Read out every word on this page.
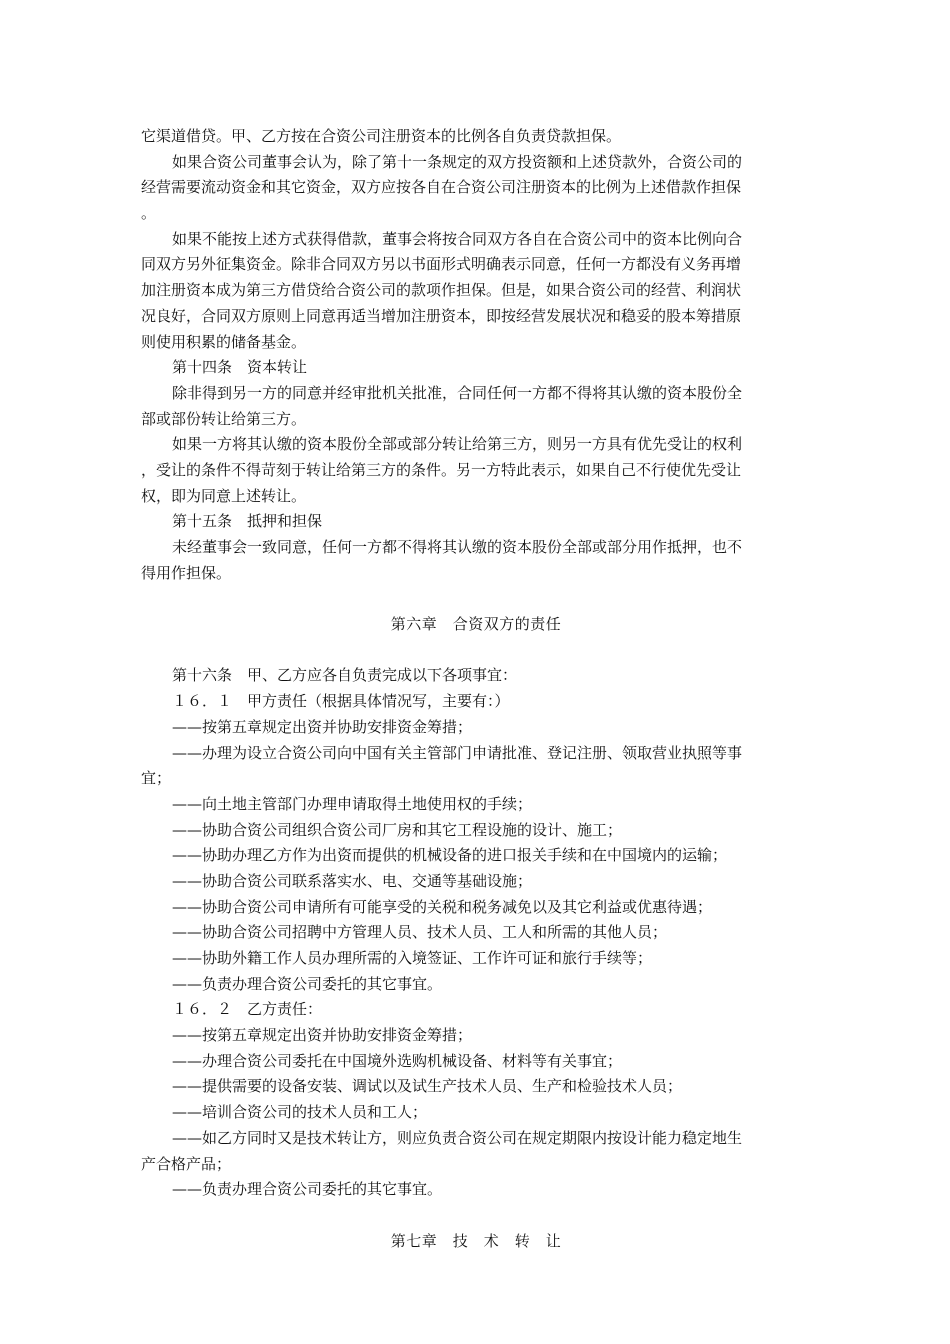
它渠道借贷。甲、乙方按在合资公司注册资本的比例各自负责贷款担保。
如果合资公司董事会认为，除了第十一条规定的双方投资额和上述贷款外，合资公司的
经营需要流动资金和其它资金，双方应按各自在合资公司注册资本的比例为上述借款作担保
。
如果不能按上述方式获得借款，董事会将按合同双方各自在合资公司中的资本比例向合
同双方另外征集资金。除非合同双方另以书面形式明确表示同意，任何一方都没有义务再增
加注册资本成为第三方借贷给合资公司的款项作担保。但是，如果合资公司的经营、利润状
况良好，合同双方原则上同意再适当增加注册资本，即按经营发展状况和稳妥的股本筹措原
则使用积累的储备基金。
第十四条　资本转让
除非得到另一方的同意并经审批机关批准，合同任何一方都不得将其认缴的资本股份全
部或部份转让给第三方。
如果一方将其认缴的资本股份全部或部分转让给第三方，则另一方具有优先受让的权利
，受让的条件不得苛刻于转让给第三方的条件。另一方特此表示，如果自己不行使优先受让
权，即为同意上述转让。
第十五条　抵押和担保
未经董事会一致同意，任何一方都不得将其认缴的资本股份全部或部分用作抵押，也不
得用作担保。
第六章　合资双方的责任
第十六条　甲、乙方应各自负责完成以下各项事宜：
１６．１　甲方责任（根据具体情况写，主要有：）
——按第五章规定出资并协助安排资金筹措；
——办理为设立合资公司向中国有关主管部门申请批准、登记注册、领取营业执照等事
宜；
——向土地主管部门办理申请取得土地使用权的手续；
——协助合资公司组织合资公司厂房和其它工程设施的设计、施工；
——协助办理乙方作为出资而提供的机械设备的进口报关手续和在中国境内的运输；
——协助合资公司联系落实水、电、交通等基础设施；
——协助合资公司申请所有可能享受的关税和税务减免以及其它利益或优惠待遇；
——协助合资公司招聘中方管理人员、技术人员、工人和所需的其他人员；
——协助外籍工作人员办理所需的入境签证、工作许可证和旅行手续等；
——负责办理合资公司委托的其它事宜。
１６．２　乙方责任：
——按第五章规定出资并协助安排资金筹措；
——办理合资公司委托在中国境外选购机械设备、材料等有关事宜；
——提供需要的设备安装、调试以及试生产技术人员、生产和检验技术人员；
——培训合资公司的技术人员和工人；
——如乙方同时又是技术转让方，则应负责合资公司在规定期限内按设计能力稳定地生
产合格产品；
——负责办理合资公司委托的其它事宜。
第七章　技　术　转　让
